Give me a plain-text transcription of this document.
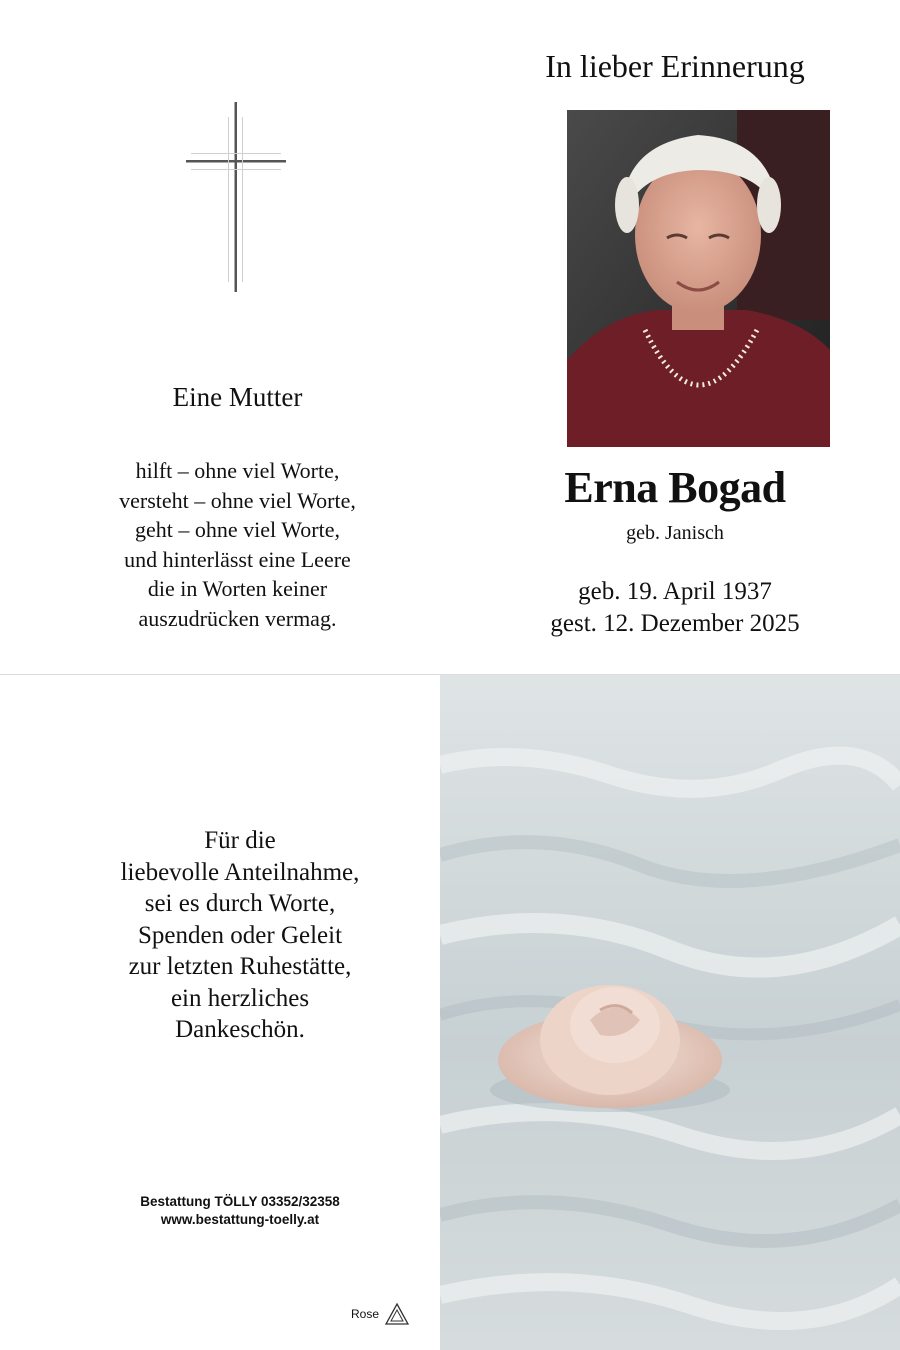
Eine Mutter
hilft – ohne viel Worte,
versteht – ohne viel Worte,
geht – ohne viel Worte,
und hinterlässt eine Leere
die in Worten keiner
auszudrücken vermag.
In lieber Erinnerung
Erna Bogad
geb. Janisch
geb. 19. April 1937
gest. 12. Dezember 2025
Für die
liebevolle Anteilnahme,
sei es durch Worte,
Spenden oder Geleit
zur letzten Ruhestätte,
ein herzliches
Dankeschön.
Bestattung TÖLLY 03352/32358
www.bestattung-toelly.at
Rose
